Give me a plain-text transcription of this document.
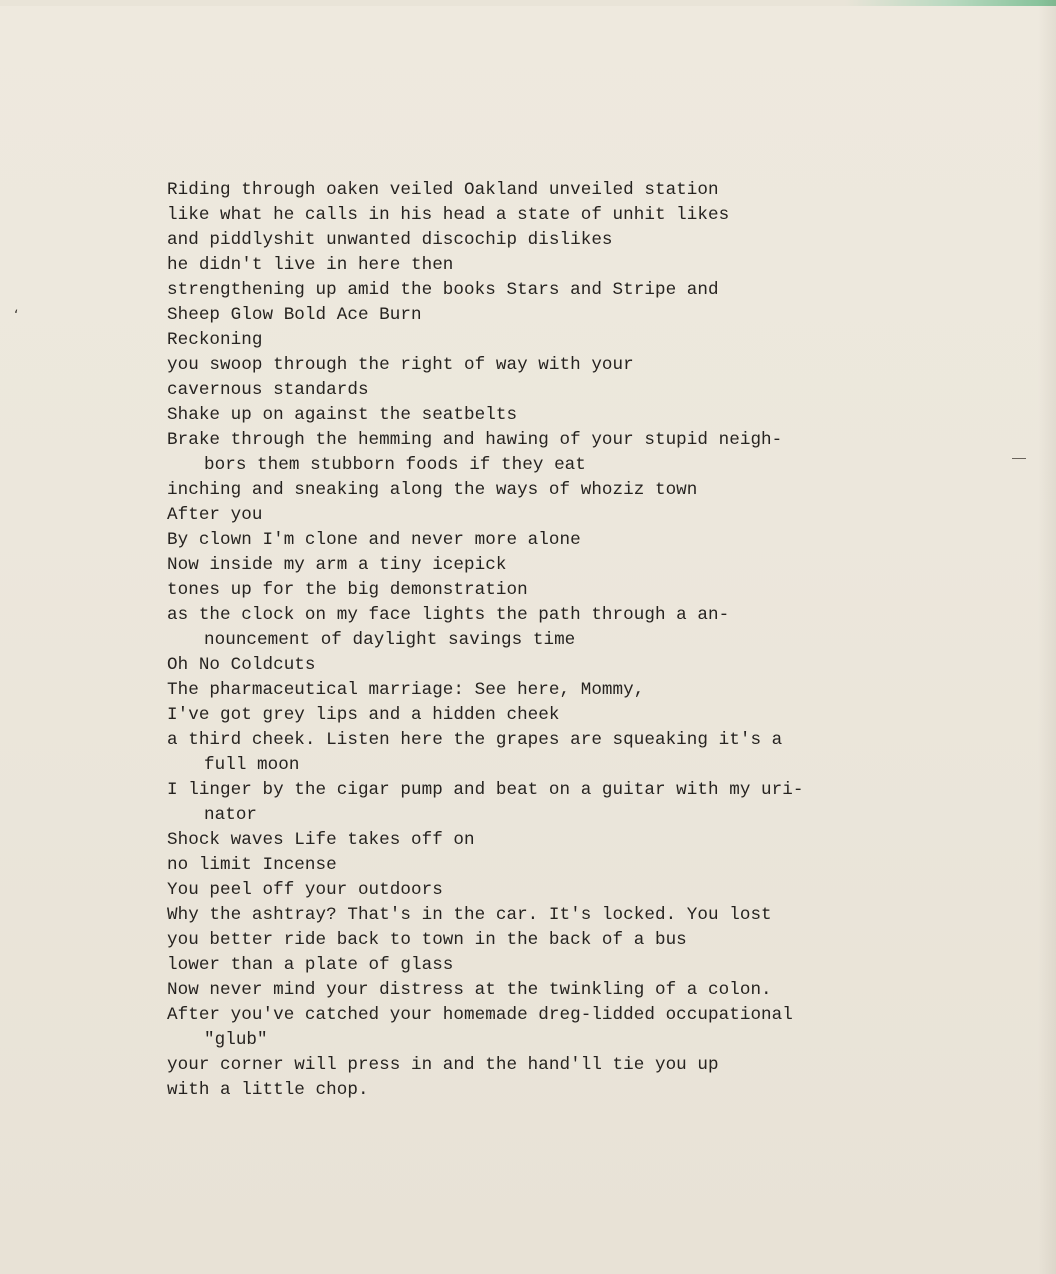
‘
Riding through oaken veiled Oakland unveiled station
like what he calls in his head a state of unhit likes
and piddlyshit unwanted discochip dislikes
he didn't live in here then
strengthening up amid the books Stars and Stripe and
Sheep Glow Bold Ace Burn
Reckoning
you swoop through the right of way with your
cavernous standards
Shake up on against the seatbelts
Brake through the hemming and hawing of your stupid neigh-
bors them stubborn foods if they eat
inching and sneaking along the ways of whoziz town
After you
By clown I'm clone and never more alone
Now inside my arm a tiny icepick
tones up for the big demonstration
as the clock on my face lights the path through a an-
nouncement of daylight savings time
Oh No Coldcuts
The pharmaceutical marriage: See here, Mommy,
I've got grey lips and a hidden cheek
a third cheek. Listen here the grapes are squeaking it's a
full moon
I linger by the cigar pump and beat on a guitar with my uri-
nator
Shock waves Life takes off on
no limit Incense
You peel off your outdoors
Why the ashtray? That's in the car. It's locked. You lost
you better ride back to town in the back of a bus
lower than a plate of glass
Now never mind your distress at the twinkling of a colon.
After you've catched your homemade dreg-lidded occupational
"glub"
your corner will press in and the hand'll tie you up
with a little chop.
